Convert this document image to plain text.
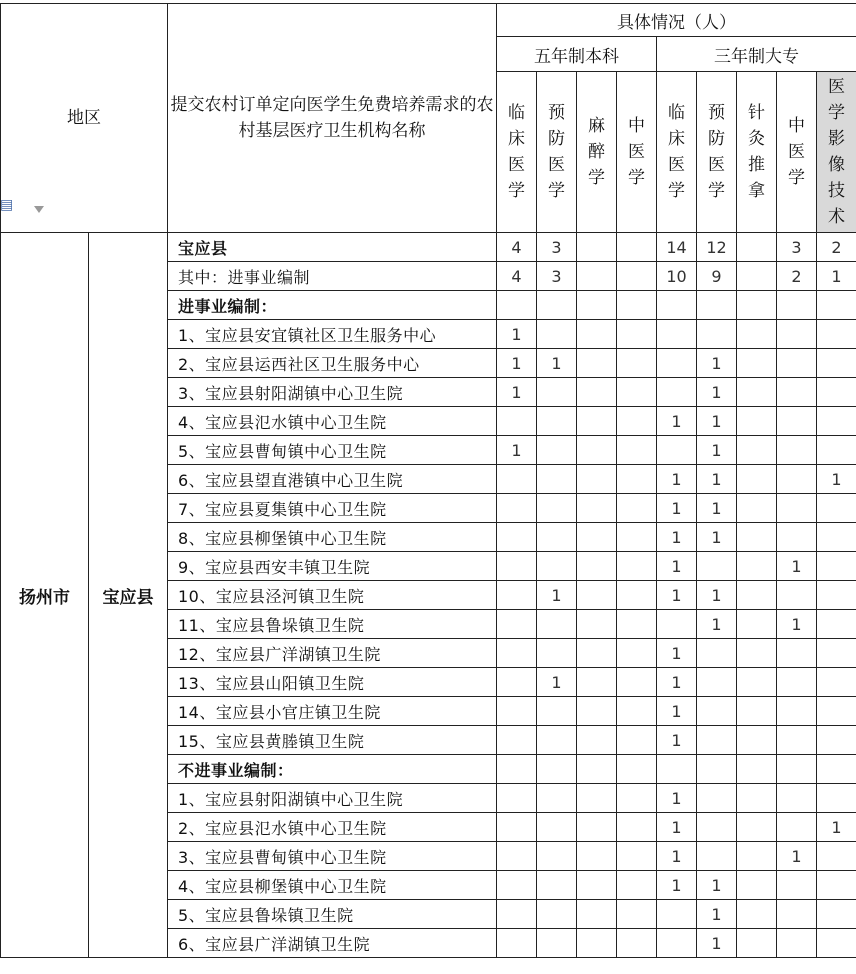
地区		提交农村订单定向医学生免费培养需求的农村基层医疗卫生机构名称	具体情况（人）								
			五年制本科				三年制大专				
			临床医学	预防医学	麻醉学	中医学	临床医学	预防医学	针灸推拿	中医学	医学影像技术
扬州市	宝应县	宝应县	4	3			14	12		3	2
		其中：进事业编制	4	3			10	9		2	1
		进事业编制：									
		1、宝应县安宜镇社区卫生服务中心	1								
		2、宝应县运西社区卫生服务中心	1	1				1			
		3、宝应县射阳湖镇中心卫生院	1					1			
		4、宝应县氾水镇中心卫生院					1	1			
		5、宝应县曹甸镇中心卫生院	1					1			
		6、宝应县望直港镇中心卫生院					1	1			1
		7、宝应县夏集镇中心卫生院					1	1			
		8、宝应县柳堡镇中心卫生院					1	1			
		9、宝应县西安丰镇卫生院					1			1	
		10、宝应县泾河镇卫生院		1			1	1			
		11、宝应县鲁垛镇卫生院						1		1	
		12、宝应县广洋湖镇卫生院					1				
		13、宝应县山阳镇卫生院		1			1				
		14、宝应县小官庄镇卫生院					1				
		15、宝应县黄塍镇卫生院					1				
		不进事业编制：									
		1、宝应县射阳湖镇中心卫生院					1				
		2、宝应县氾水镇中心卫生院					1				1
		3、宝应县曹甸镇中心卫生院					1			1	
		4、宝应县柳堡镇中心卫生院					1	1			
		5、宝应县鲁垛镇卫生院						1			
		6、宝应县广洋湖镇卫生院						1			
▤
